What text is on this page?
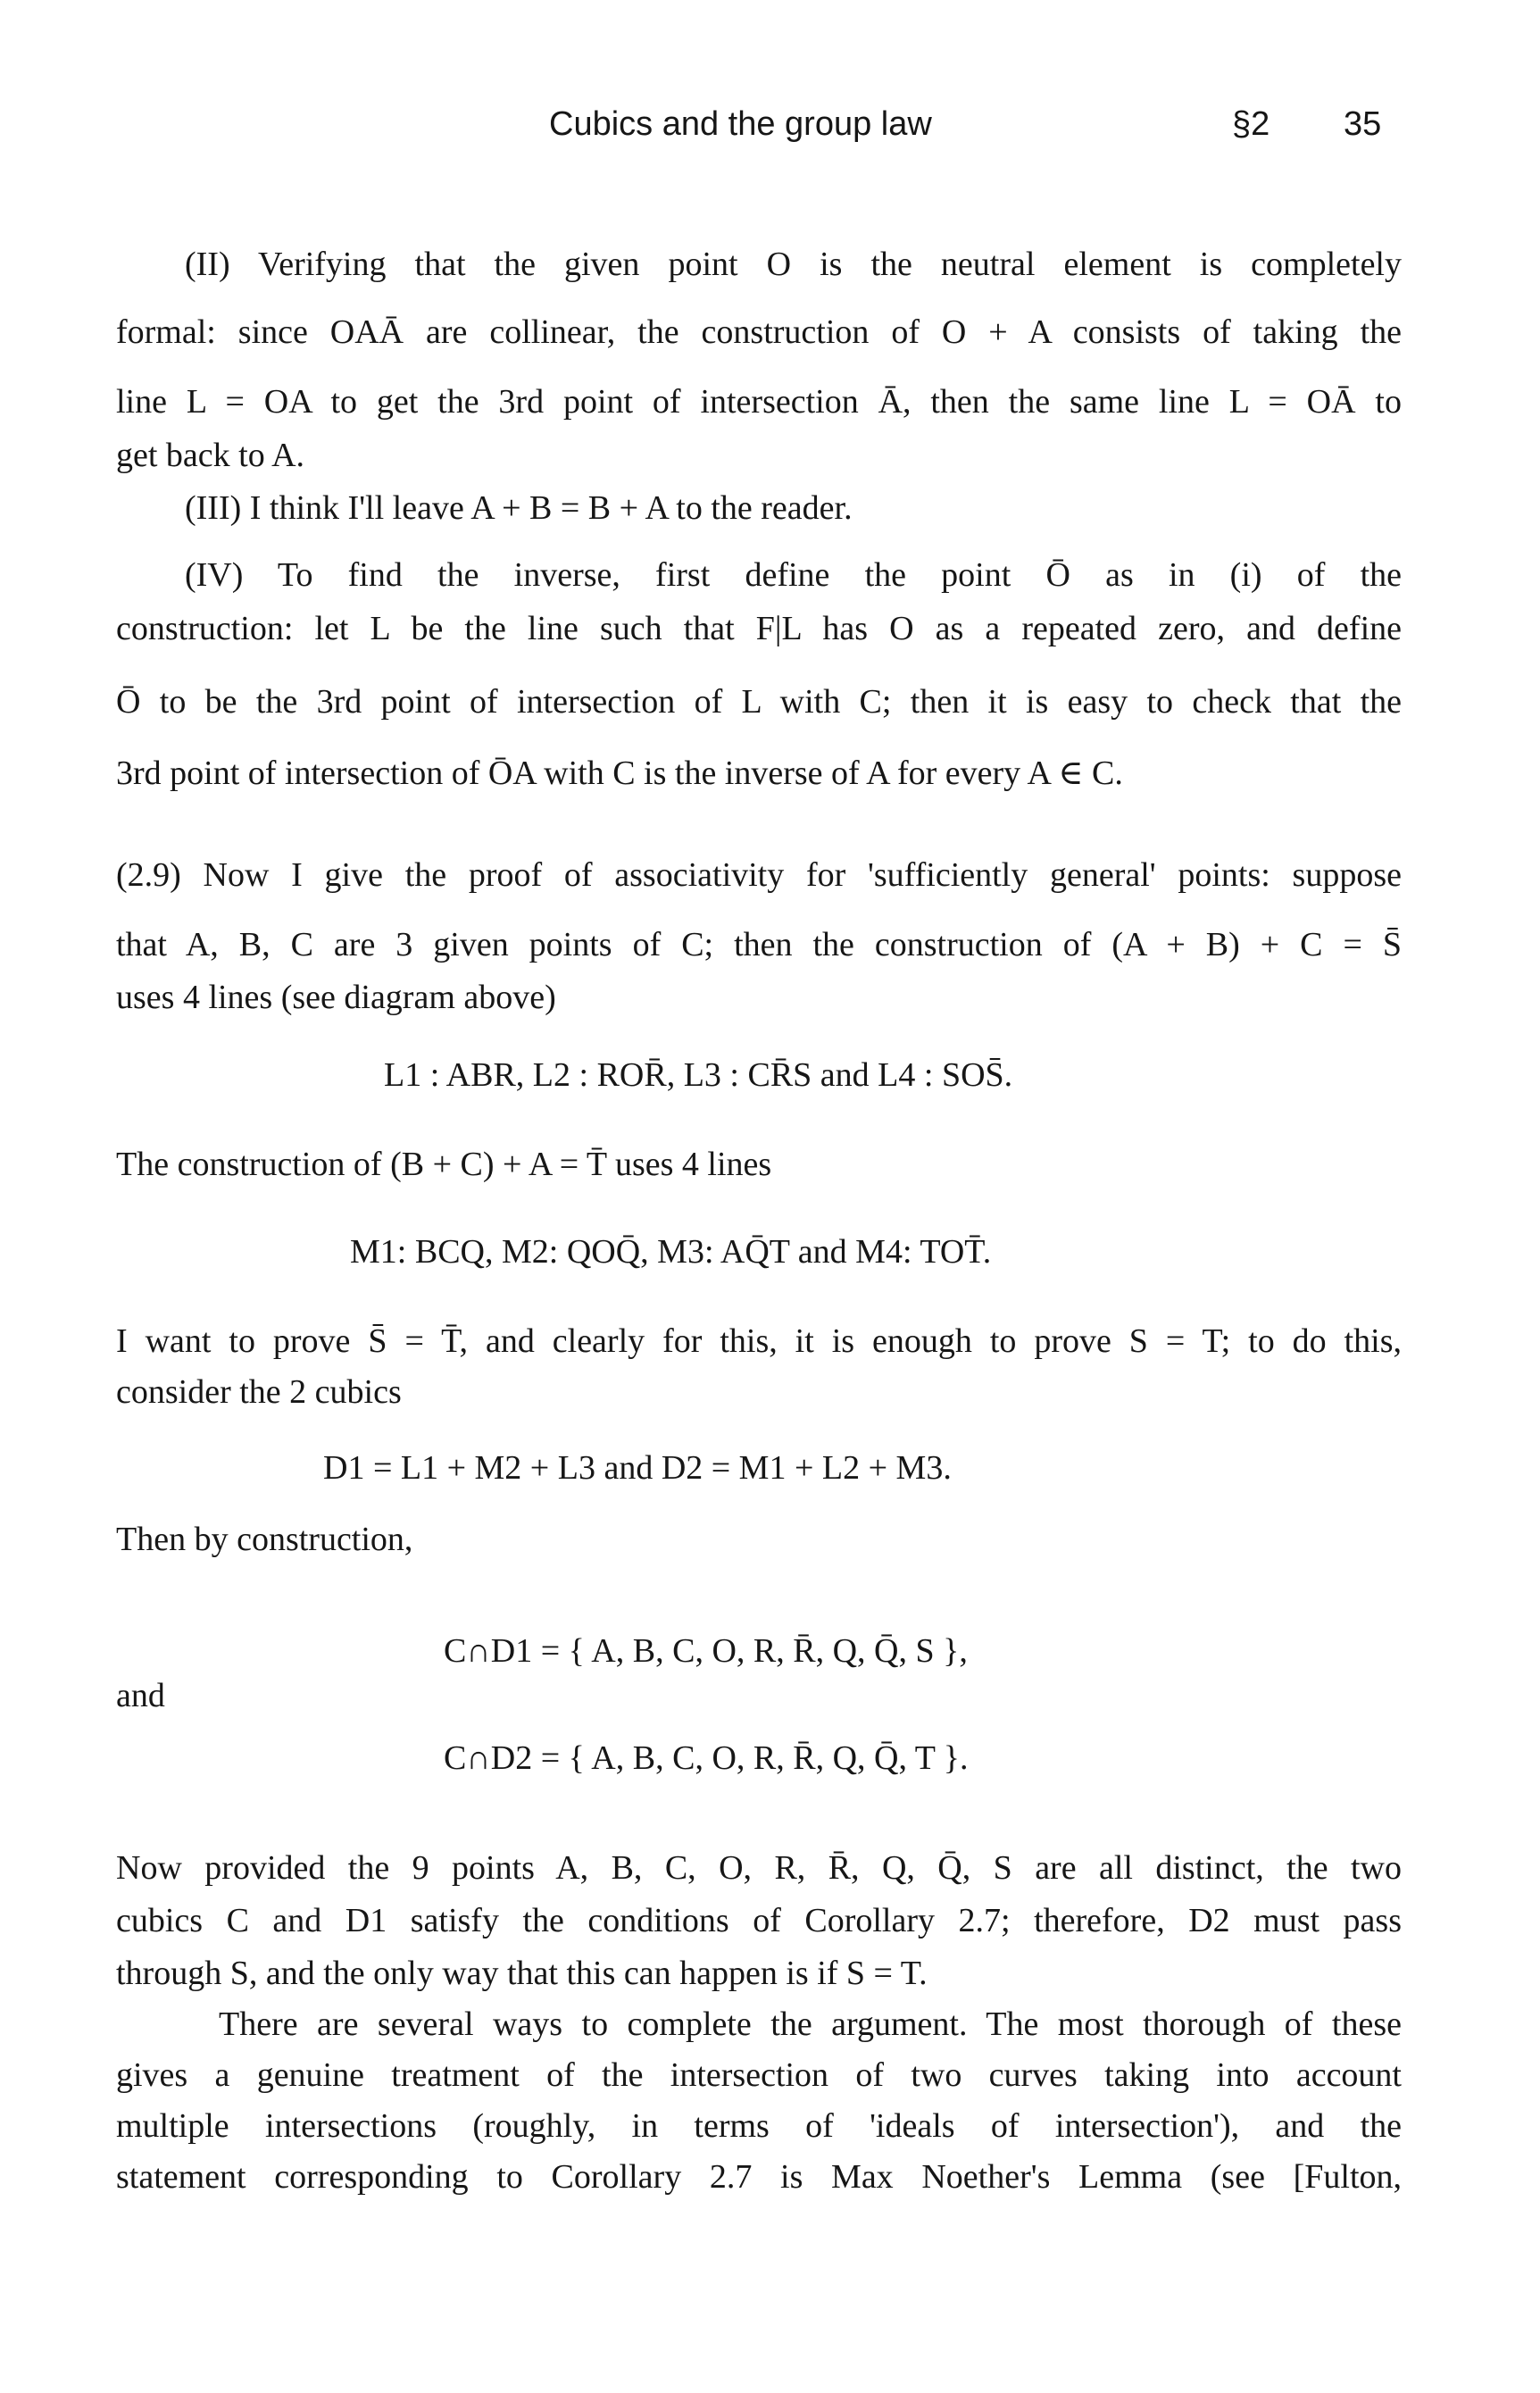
Cubics and the group law	§2 35
(II) Verifying that the given point O is the neutral element is completely
formal: since OAĀ are collinear, the construction of O + A consists of taking the
line L = OA to get the 3rd point of intersection Ā, then the same line L = OĀ to
get back to A.
(III) I think I'll leave A + B = B + A to the reader.
(IV) To find the inverse, first define the point Ō as in (i) of the
construction: let L be the line such that F|L has O as a repeated zero, and define
Ō to be the 3rd point of intersection of L with C; then it is easy to check that the
3rd point of intersection of ŌA with C is the inverse of A for every A ∈ C.
(2.9) Now I give the proof of associativity for 'sufficiently general' points: suppose
that A, B, C are 3 given points of C; then the construction of (A + B) + C = S̄
uses 4 lines (see diagram above)
L1 : ABR, L2 : ROR̄, L3 : CR̄S and L4 : SOS̄.
The construction of (B + C) + A = T̄ uses 4 lines
M1: BCQ, M2: QOQ̄, M3: AQ̄T and M4: TOT̄.
I want to prove S̄ = T̄, and clearly for this, it is enough to prove S = T; to do this,
consider the 2 cubics
D1 = L1 + M2 + L3 and D2 = M1 + L2 + M3.
Then by construction,
C∩D1 = { A, B, C, O, R, R̄, Q, Q̄, S },
and
C∩D2 = { A, B, C, O, R, R̄, Q, Q̄, T }.
Now provided the 9 points A, B, C, O, R, R̄, Q, Q̄, S are all distinct, the two
cubics C and D1 satisfy the conditions of Corollary 2.7; therefore, D2 must pass
through S, and the only way that this can happen is if S = T.
There are several ways to complete the argument. The most thorough of these
gives a genuine treatment of the intersection of two curves taking into account
multiple intersections (roughly, in terms of 'ideals of intersection'), and the
statement corresponding to Corollary 2.7 is Max Noether's Lemma (see [Fulton,
